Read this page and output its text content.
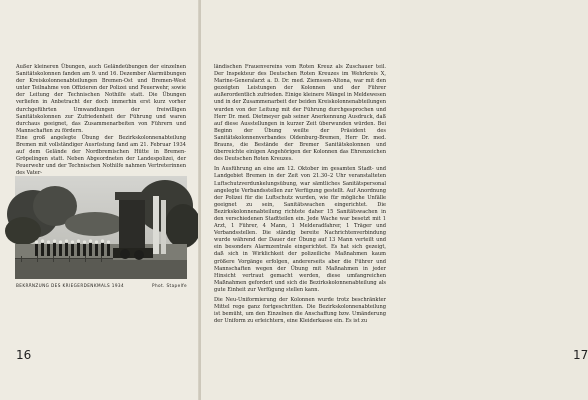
Außer kleineren Übungen, auch Geländeübungen der einzelnen Sanitätskolonnen fanden am 9. und 16. Dezember Alarmübungen der Kreiskolonnenabteilungen Bremen-Ost und Bremen-West unter Teilnahme von Offizieren der Polizei und Feuerwehr, sowie der Leitung der Technischen Nothilfe statt. Die Übungen verliefen in Anbetracht der doch immerhin erst kurz vorher durchgeführten Umwandlungen der freiwilligen Sanitätskolonnen zur Zufriedenheit der Führung und waren durchaus geeignet, das Zusammenarbeiten von Führern und Mannschaften zu fördern.

Eine groß angelegte Übung der Bezirkskolonnenabteilung Bremen mit vollständiger Ausrüstung fand am 21. Februar 1934 auf dem Gelände der Nordbremischen Hütte in Bremen-Gröpelingen statt. Neben Abgeordneten der Landespolizei, der Feuerwehr und der Technischen Nothilfe nahmen Vertreterinnen des Vater-

BEKRÄNZUNG DES KRIEGERDENKMALS 1934	Phot. Stapelfe
16	17

ländischen Frauenvereins vom Roten Kreuz als Zuschauer teil. Der Inspekteur des Deutschen Roten Kreuzes im Wehrkreis X, Marine-Generalarzt a. D. Dr. med. Ziemssen-Altona, war mit den gezeigten Leistungen der Kolonnen und der Führer außerordentlich zufrieden. Einige kleinere Mängel in Meldewesen und in der Zusammenarbeit der beiden Kreiskolonnenabteilungen wurden von der Leitung mit der Führung durchgesprochen und Herr Dr. med. Dietmeyer gab seiner Anerkennung Ausdruck, daß auf diese Ausstellungen in kurzer Zeit überwunden würden. Bei Beginn der Übung weilte der Präsident des Sanitätskolonnenverbandes Oldenburg-Bremen, Herr Dr. med. Brauns, die Bestände der Bremer Sanitätskolonnen und überreichte einigen Angehörigen der Kolonnen das Ehrenzeichen des Deutschen Roten Kreuzes.

In Ausführung an eine am 12. Oktober im gesamten Stadt- und Landgebiet Bremen in der Zeit von 21.30–2 Uhr veranstalteten Luftschutzverdunkelungsübung, war sämtliches Sanitätspersonal angelegte Verbandsstellen zur Verfügung gestellt. Auf Anordnung der Polizei für die Luftschutz wurden, wie für mögliche Unfälle geeignet zu sein, Sanitätswachen eingerichtet. Die Bezirkskolonnenabteilung richtete daher 15 Sanitätswachen in den verschiedenen Stadtteilen ein. Jede Wache war besetzt mit 1 Arzt, 1 Führer, 4 Mann, 1 Melderadfahrer, 1 Träger und Verbandsstellen. Die ständig bereite Nachrichtenverbindung wurde während der Dauer der Übung auf 13 Mann verteilt und ein besonders Alarmzentrale eingerichtet. Es hat sich gezeigt, daß sich in Wirklichkeit der polizeiliche Maßnahmen kaum größere Vorgänge erfolgen, andererseits aber die Führer und Mannschaften wegen der Übung mit Maßnahmen in jeder Hinsicht vertraut gemacht werden, diese umfangreichen Maßnahmen gefordert und sich die Bezirkskolonnenabteilung als gute Einheit zur Verfügung stellen kann.

Die Neu-Uniformierung der Kolonnen wurde trotz beschränkter Mittel rege ganz fortgeschritten. Die Bezirkskolonnenabteilung ist bemüht, um den Einzelnen die Anschaffung bzw. Umänderung der Uniform zu erleichtern, eine Kleiderkasse ein. Es ist zu
